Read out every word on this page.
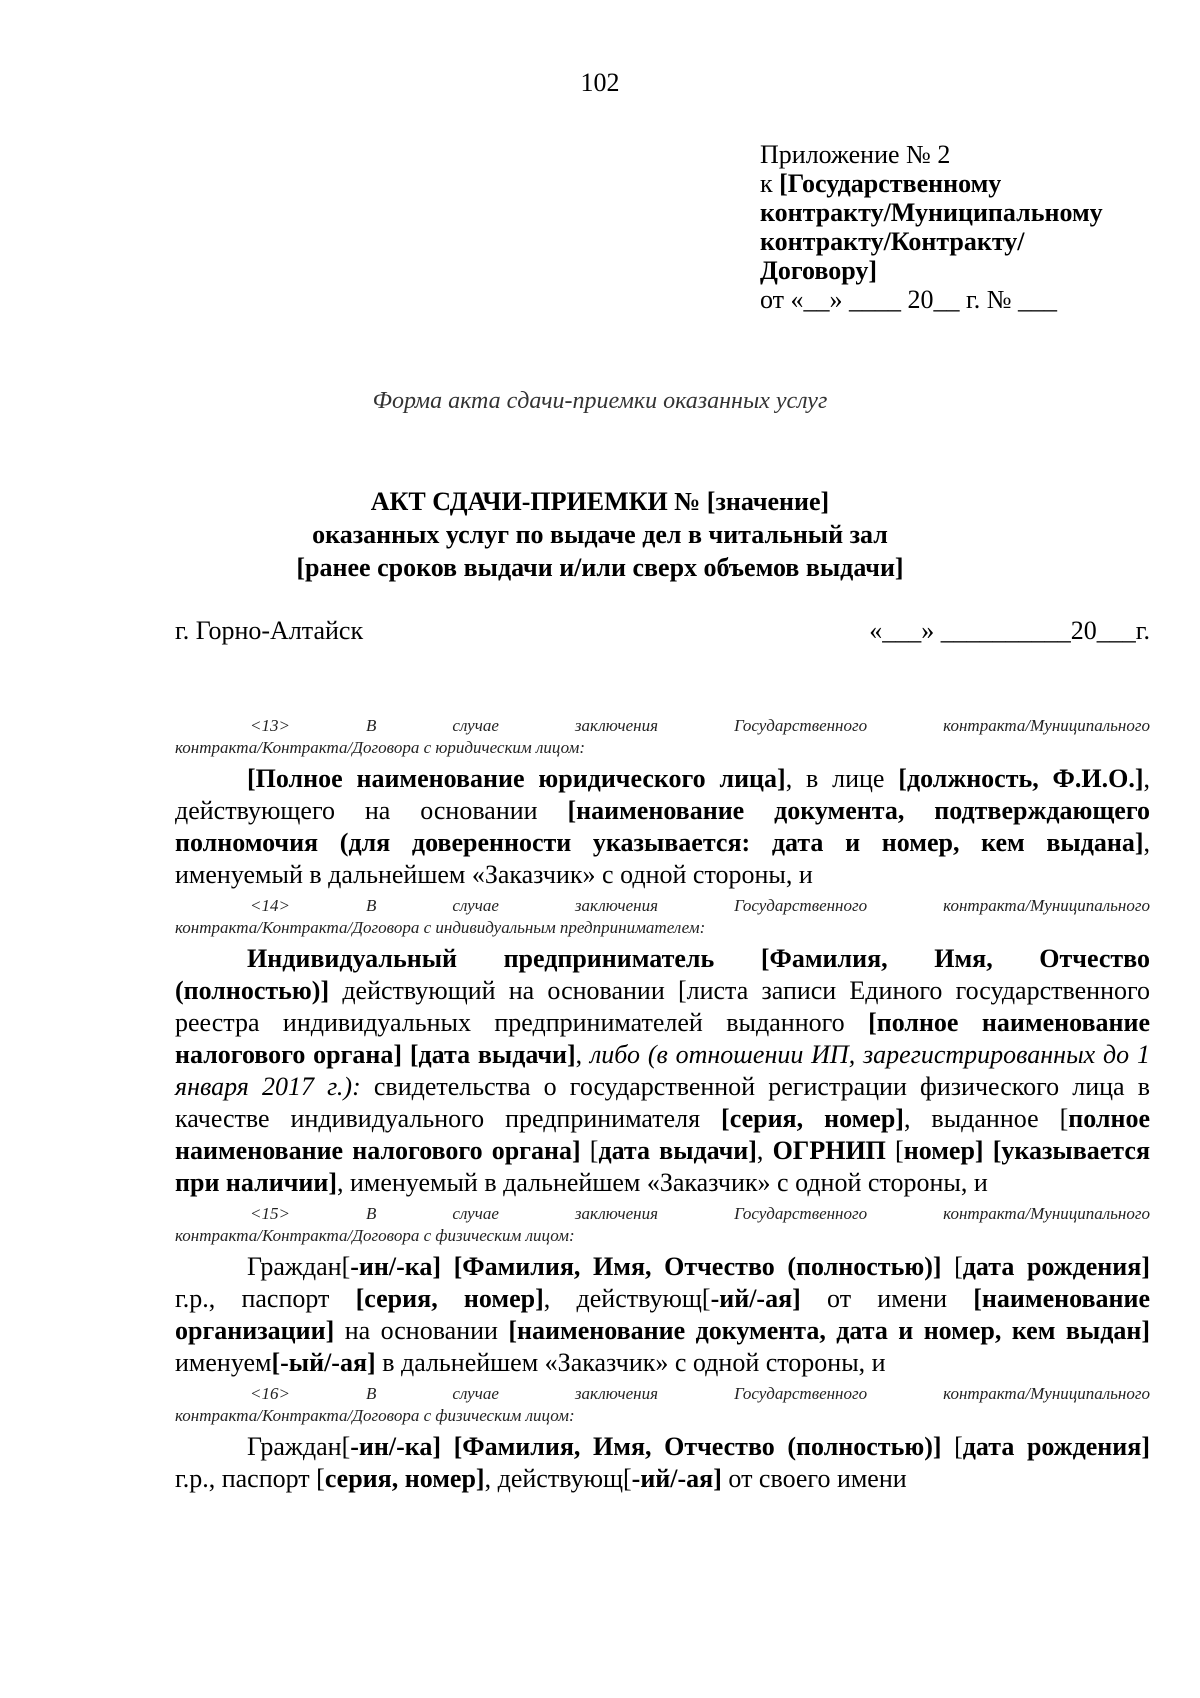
102
Приложение № 2
к [Государственному
контракту/Муниципальному
контракту/Контракту/
Договору]
от «__» ____ 20__ г. № ___
Форма акта сдачи-приемки оказанных услуг
АКТ СДАЧИ-ПРИЕМКИ № [значение]
оказанных услуг по выдаче дел в читальный зал
[ранее сроков выдачи и/или сверх объемов выдачи]
г. Горно-Алтайск	«___» __________20___г.
<13> В случае заключения Государственного контракта/Муниципального
контракта/Контракта/Договора с юридическим лицом:

[Полное наименование юридического лица], в лице [должность, Ф.И.О.], действующего на основании [наименование документа, подтверждающего полномочия (для доверенности указывается: дата и номер, кем выдана], именуемый в дальнейшем «Заказчик» с одной стороны, и

<14> В случае заключения Государственного контракта/Муниципального
контракта/Контракта/Договора с индивидуальным предпринимателем:

Индивидуальный предприниматель [Фамилия, Имя, Отчество (полностью)] действующий на основании [листа записи Единого государственного реестра индивидуальных предпринимателей выданного [полное наименование налогового органа] [дата выдачи], либо (в отношении ИП, зарегистрированных до 1 января 2017 г.): свидетельства о государственной регистрации физического лица в качестве индивидуального предпринимателя [серия, номер], выданное [полное наименование налогового органа] [дата выдачи], ОГРНИП [номер] [указывается при наличии], именуемый в дальнейшем «Заказчик» с одной стороны, и

<15> В случае заключения Государственного контракта/Муниципального
контракта/Контракта/Договора с физическим лицом:

Граждан[-ин/-ка] [Фамилия, Имя, Отчество (полностью)] [дата рождения] г.р., паспорт [серия, номер], действующ[-ий/-ая] от имени [наименование организации] на основании [наименование документа, дата и номер, кем выдан] именуем[-ый/-ая] в дальнейшем «Заказчик» с одной стороны, и

<16> В случае заключения Государственного контракта/Муниципального
контракта/Контракта/Договора с физическим лицом:

Граждан[-ин/-ка] [Фамилия, Имя, Отчество (полностью)] [дата рождения] г.р., паспорт [серия, номер], действующ[-ий/-ая] от своего имени
